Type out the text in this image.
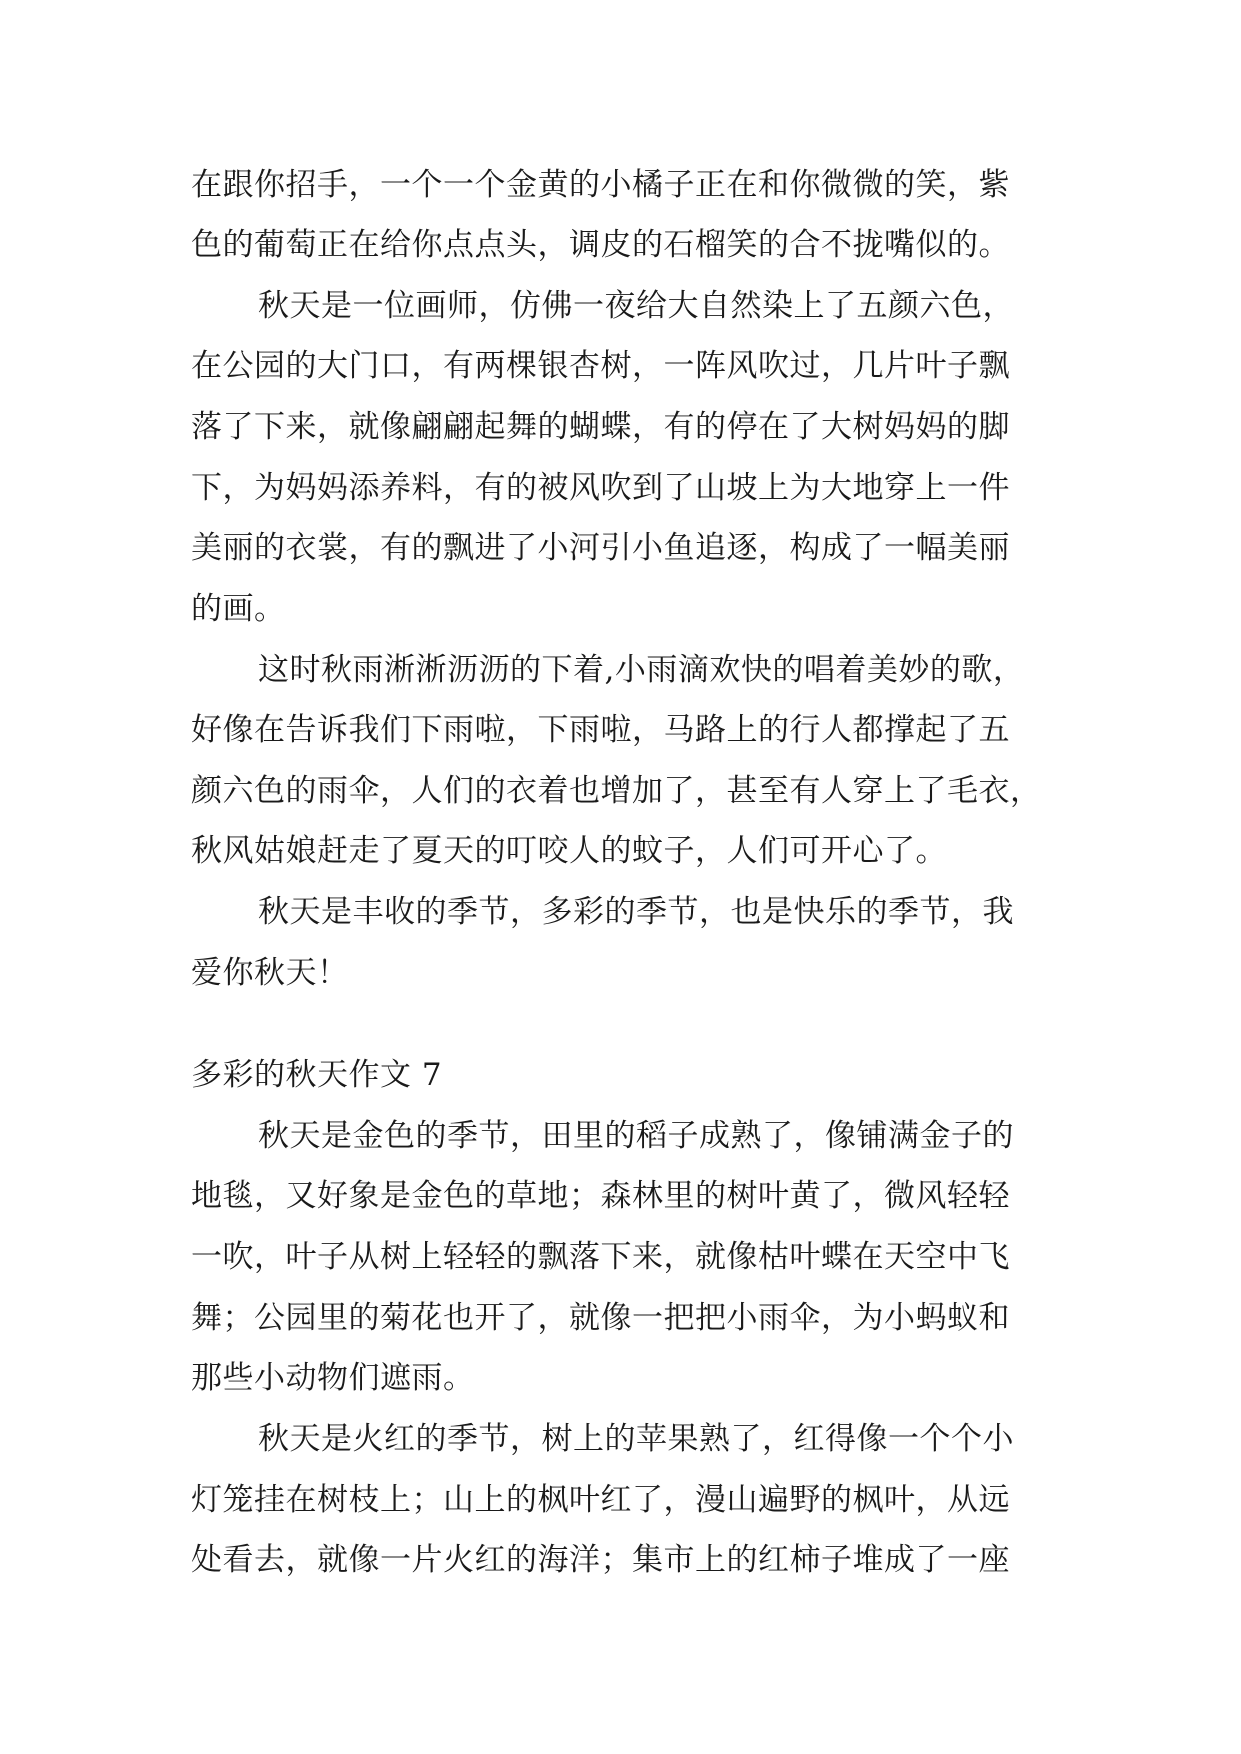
在跟你招手，一个一个金黄的小橘子正在和你微微的笑，紫
色的葡萄正在给你点点头，调皮的石榴笑的合不拢嘴似的。
秋天是一位画师，仿佛一夜给大自然染上了五颜六色，
在公园的大门口，有两棵银杏树，一阵风吹过，几片叶子飘
落了下来，就像翩翩起舞的蝴蝶，有的停在了大树妈妈的脚
下，为妈妈添养料，有的被风吹到了山坡上为大地穿上一件
美丽的衣裳，有的飘进了小河引小鱼追逐，构成了一幅美丽
的画。
这时秋雨淅淅沥沥的下着,小雨滴欢快的唱着美妙的歌，
好像在告诉我们下雨啦，下雨啦，马路上的行人都撑起了五
颜六色的雨伞，人们的衣着也增加了，甚至有人穿上了毛衣，
秋风姑娘赶走了夏天的叮咬人的蚊子，人们可开心了。
秋天是丰收的季节，多彩的季节，也是快乐的季节，我
爱你秋天！
多彩的秋天作文 7
秋天是金色的季节，田里的稻子成熟了，像铺满金子的
地毯，又好象是金色的草地；森林里的树叶黄了，微风轻轻
一吹，叶子从树上轻轻的飘落下来，就像枯叶蝶在天空中飞
舞；公园里的菊花也开了，就像一把把小雨伞，为小蚂蚁和
那些小动物们遮雨。
秋天是火红的季节，树上的苹果熟了，红得像一个个小
灯笼挂在树枝上；山上的枫叶红了，漫山遍野的枫叶，从远
处看去，就像一片火红的海洋；集市上的红柿子堆成了一座
